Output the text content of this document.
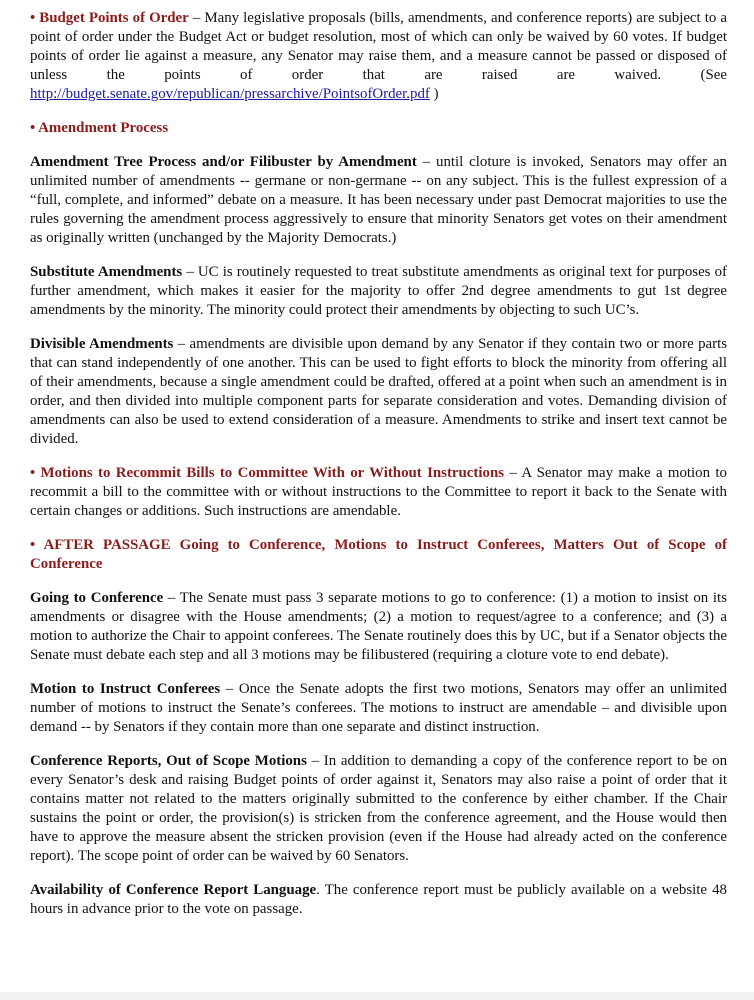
• Budget Points of Order – Many legislative proposals (bills, amendments, and conference reports) are subject to a point of order under the Budget Act or budget resolution, most of which can only be waived by 60 votes. If budget points of order lie against a measure, any Senator may raise them, and a measure cannot be passed or disposed of unless the points of order that are raised are waived. (See http://budget.senate.gov/republican/pressarchive/PointsofOrder.pdf )

• Amendment Process

Amendment Tree Process and/or Filibuster by Amendment – until cloture is invoked, Senators may offer an unlimited number of amendments -- germane or non-germane -- on any subject. This is the fullest expression of a “full, complete, and informed” debate on a measure. It has been necessary under past Democrat majorities to use the rules governing the amendment process aggressively to ensure that minority Senators get votes on their amendment as originally written (unchanged by the Majority Democrats.)

Substitute Amendments – UC is routinely requested to treat substitute amendments as original text for purposes of further amendment, which makes it easier for the majority to offer 2nd degree amendments to gut 1st degree amendments by the minority. The minority could protect their amendments by objecting to such UC’s.

Divisible Amendments – amendments are divisible upon demand by any Senator if they contain two or more parts that can stand independently of one another. This can be used to fight efforts to block the minority from offering all of their amendments, because a single amendment could be drafted, offered at a point when such an amendment is in order, and then divided into multiple component parts for separate consideration and votes. Demanding division of amendments can also be used to extend consideration of a measure. Amendments to strike and insert text cannot be divided.

• Motions to Recommit Bills to Committee With or Without Instructions – A Senator may make a motion to recommit a bill to the committee with or without instructions to the Committee to report it back to the Senate with certain changes or additions. Such instructions are amendable.

• AFTER PASSAGE Going to Conference, Motions to Instruct Conferees, Matters Out of Scope of Conference

Going to Conference – The Senate must pass 3 separate motions to go to conference: (1) a motion to insist on its amendments or disagree with the House amendments; (2) a motion to request/agree to a conference; and (3) a motion to authorize the Chair to appoint conferees. The Senate routinely does this by UC, but if a Senator objects the Senate must debate each step and all 3 motions may be filibustered (requiring a cloture vote to end debate).

Motion to Instruct Conferees – Once the Senate adopts the first two motions, Senators may offer an unlimited number of motions to instruct the Senate’s conferees. The motions to instruct are amendable – and divisible upon demand -- by Senators if they contain more than one separate and distinct instruction.

Conference Reports, Out of Scope Motions – In addition to demanding a copy of the conference report to be on every Senator’s desk and raising Budget points of order against it, Senators may also raise a point of order that it contains matter not related to the matters originally submitted to the conference by either chamber. If the Chair sustains the point or order, the provision(s) is stricken from the conference agreement, and the House would then have to approve the measure absent the stricken provision (even if the House had already acted on the conference report). The scope point of order can be waived by 60 Senators.

Availability of Conference Report Language. The conference report must be publicly available on a website 48 hours in advance prior to the vote on passage.
